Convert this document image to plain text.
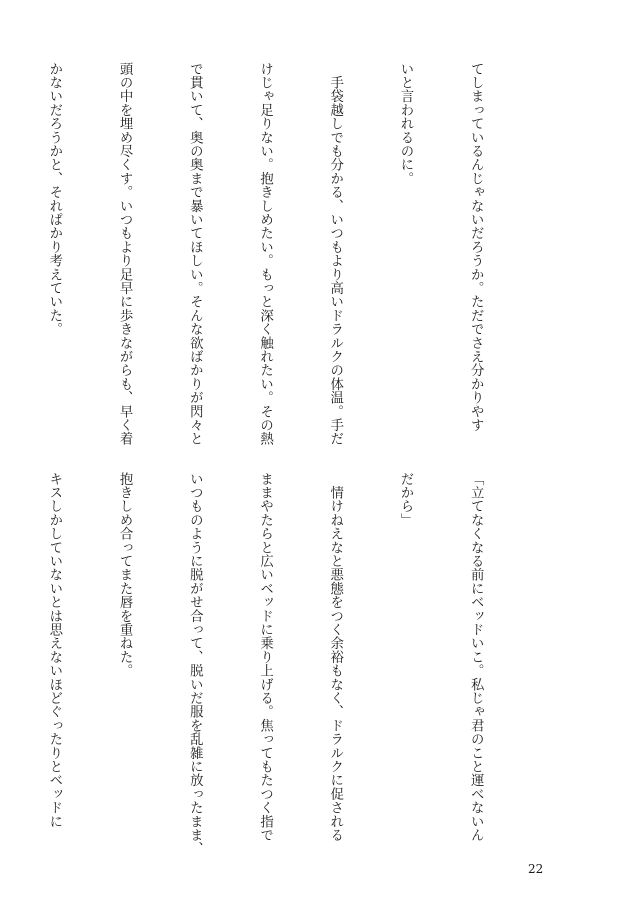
てしまっているんじゃないだろうか。ただでさえ分かりやす

いと言われるのに。

　手袋越しでも分かる、いつもより高いドラルクの体温。手だ

けじゃ足りない。抱きしめたい。もっと深く触れたい。その熱

で貫いて、奥の奥まで暴いてほしい。そんな欲ばかりが閃々と

頭の中を埋め尽くす。いつもより足早に歩きながらも、早く着

かないだろうかと、それぱかり考えていた。

「立てなくなる前にベッドいこ。私じゃ君のこと運べないん

だから」

　情けねえなと悪態をつく余裕もなく、ドラルクに促される

ままやたらと広いベッドに乗り上げる。焦ってもたつく指で

いつものように脱がせ合って、脱いだ服を乱雑に放ったまま、

抱きしめ合ってまた唇を重ねた。

キスしかしていないとは思えないほどぐったりとベッドに

22
